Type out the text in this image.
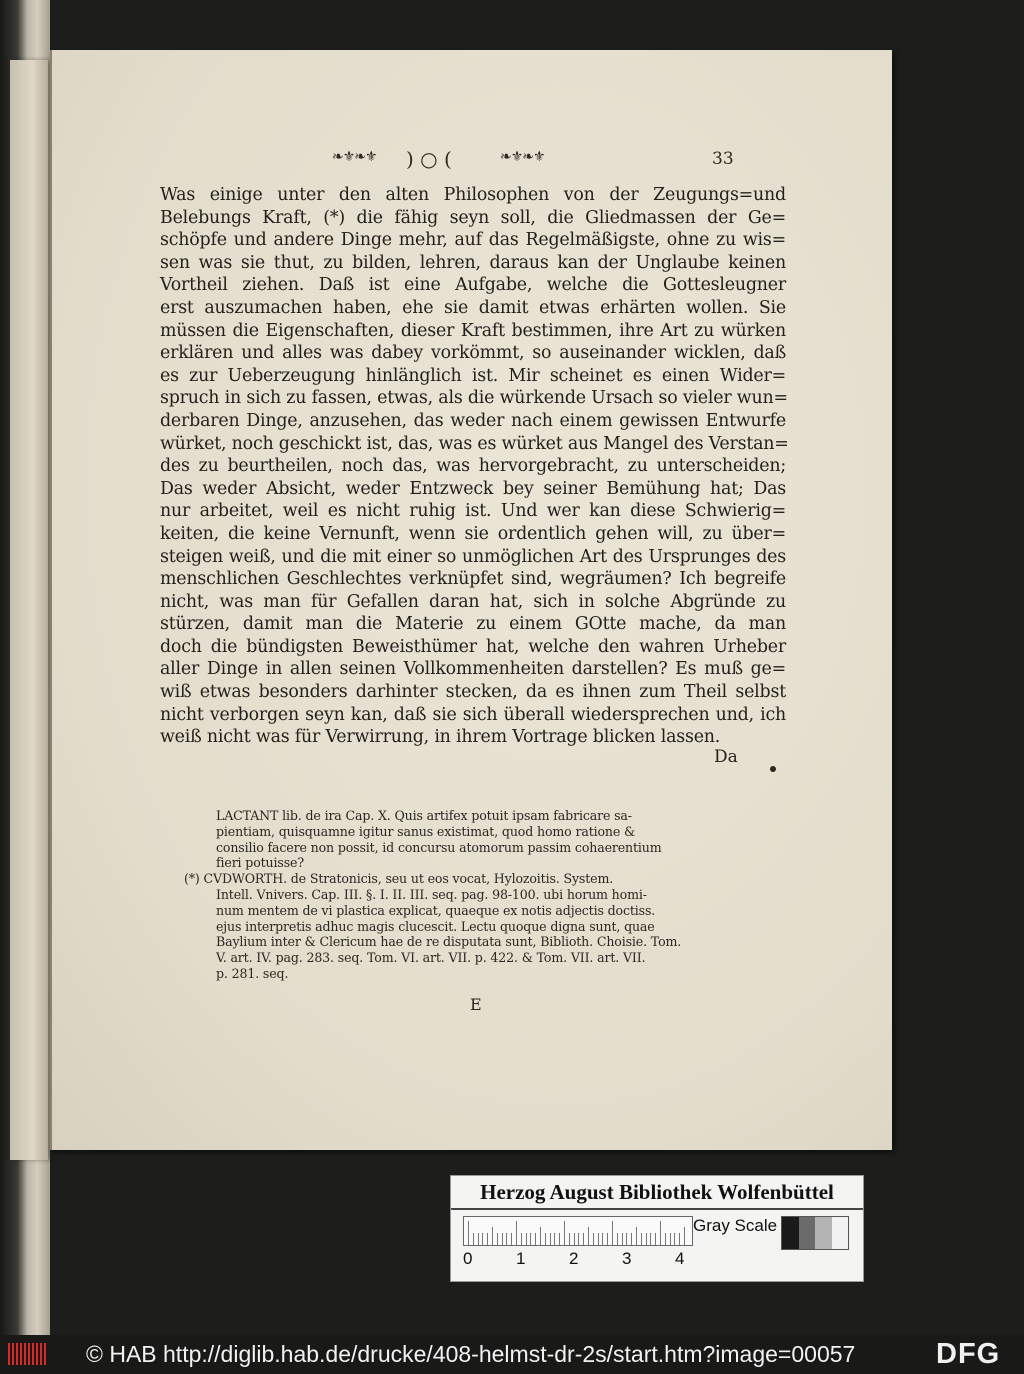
❧⚜❧⚜ ) ○ (	❧⚜❧⚜	33
Was einige unter den alten Philosophen von der Zeugungs=und
Belebungs Kraft, (*) die fähig seyn soll, die Gliedmassen der Ge=
schöpfe und andere Dinge mehr, auf das Regelmäßigste, ohne zu wis=
sen was sie thut, zu bilden, lehren, daraus kan der Unglaube keinen
Vortheil ziehen. Daß ist eine Aufgabe, welche die Gottesleugner
erst auszumachen haben, ehe sie damit etwas erhärten wollen. Sie
müssen die Eigenschaften, dieser Kraft bestimmen, ihre Art zu würken
erklären und alles was dabey vorkömmt, so auseinander wicklen, daß
es zur Ueberzeugung hinlänglich ist. Mir scheinet es einen Wider=
spruch in sich zu fassen, etwas, als die würkende Ursach so vieler wun=
derbaren Dinge, anzusehen, das weder nach einem gewissen Entwurfe
würket, noch geschickt ist, das, was es würket aus Mangel des Verstan=
des zu beurtheilen, noch das, was hervorgebracht, zu unterscheiden;
Das weder Absicht, weder Entzweck bey seiner Bemühung hat; Das
nur arbeitet, weil es nicht ruhig ist. Und wer kan diese Schwierig=
keiten, die keine Vernunft, wenn sie ordentlich gehen will, zu über=
steigen weiß, und die mit einer so unmöglichen Art des Ursprunges des
menschlichen Geschlechtes verknüpfet sind, wegräumen? Ich begreife
nicht, was man für Gefallen daran hat, sich in solche Abgründe zu
stürzen, damit man die Materie zu einem GOtte mache, da man
doch die bündigsten Beweisthümer hat, welche den wahren Urheber
aller Dinge in allen seinen Vollkommenheiten darstellen? Es muß ge=
wiß etwas besonders darhinter stecken, da es ihnen zum Theil selbst
nicht verborgen seyn kan, daß sie sich überall wiedersprechen und, ich
weiß nicht was für Verwirrung, in ihrem Vortrage blicken lassen.
Da
LACTANT lib. de ira Cap. X. Quis artifex potuit ipsam fabricare sa-
pientiam, quisquamne igitur sanus existimat, quod homo ratione &
consilio facere non possit, id concursu atomorum passim cohaerentium
fieri potuisse?
(*) CVDWORTH. de Stratonicis, seu ut eos vocat, Hylozoitis. System.
Intell. Vnivers. Cap. III. §. I. II. III. seq. pag. 98-100. ubi horum homi-
num mentem de vi plastica explicat, quaeque ex notis adjectis doctiss.
ejus interpretis adhuc magis clucescit. Lectu quoque digna sunt, quae
Baylium inter & Clericum hae de re disputata sunt, Biblioth. Choisie. Tom.
V. art. IV. pag. 283. seq. Tom. VI. art. VII. p. 422. & Tom. VII. art. VII.
p. 281. seq.
E
Herzog August Bibliothek Wolfenbüttel
0	1	2	3	4
Gray Scale
© HAB http://diglib.hab.de/drucke/408-helmst-dr-2s/start.htm?image=00057	DFG
